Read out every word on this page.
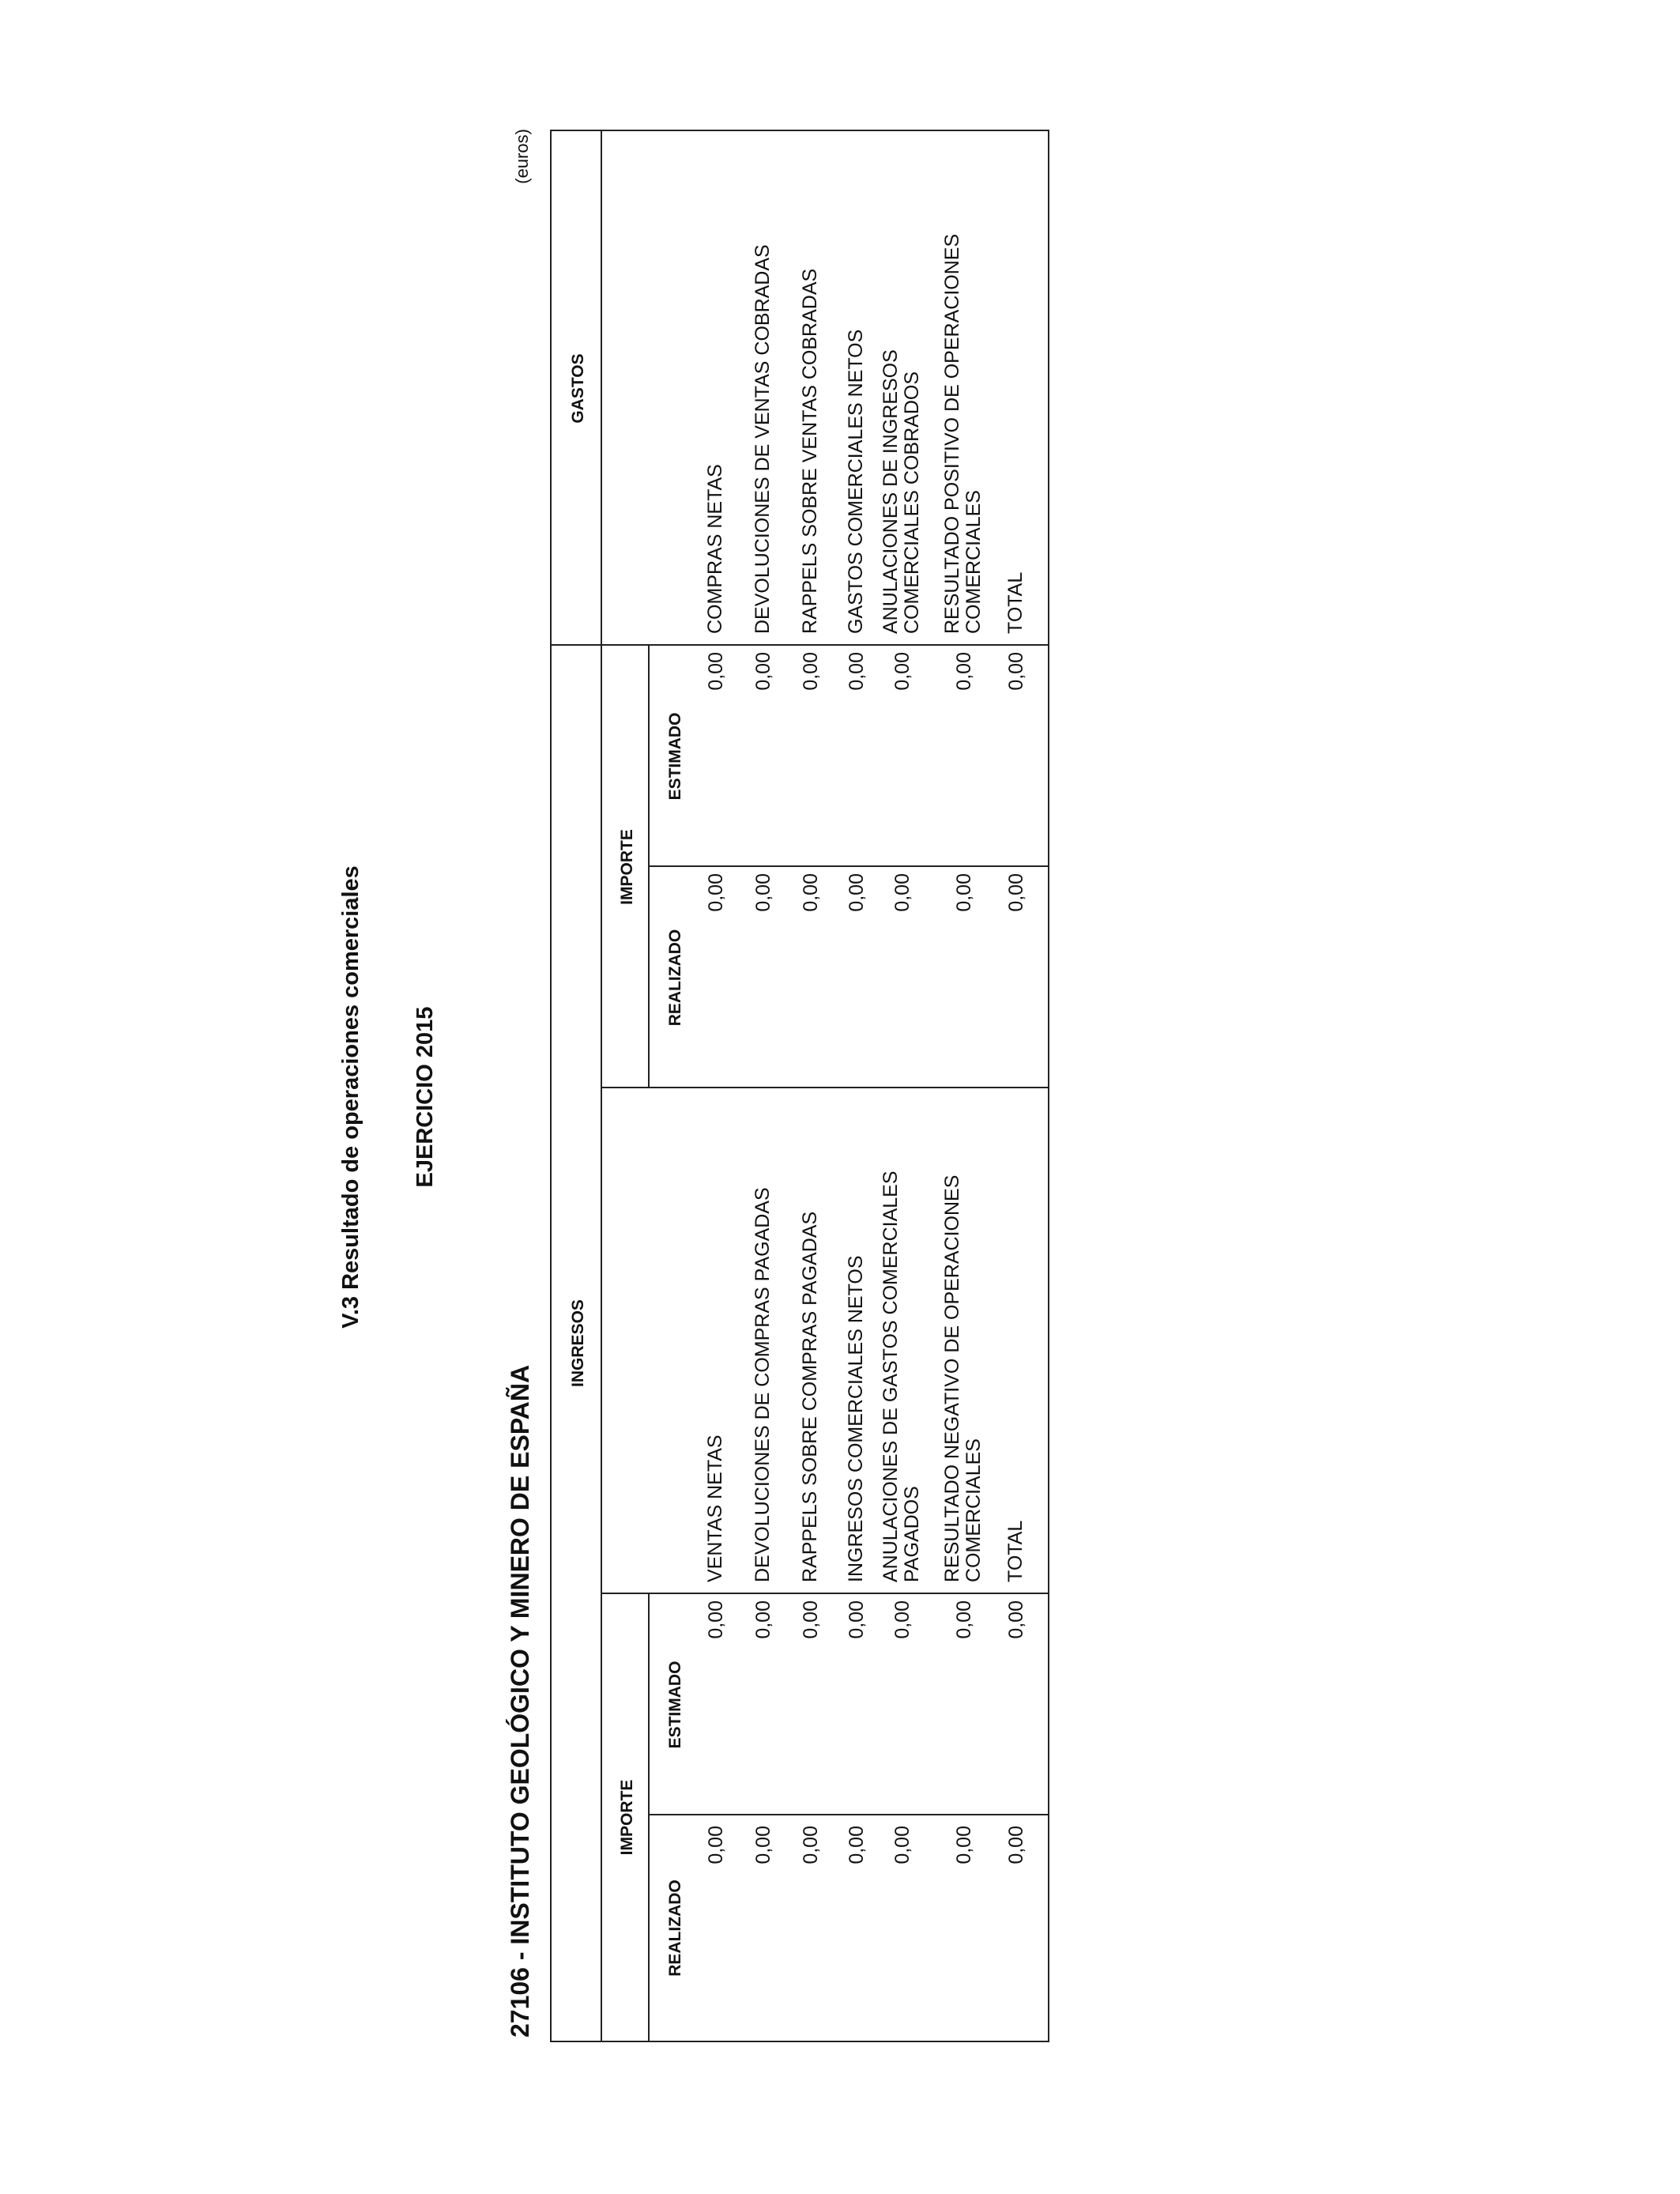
V.3 Resultado de operaciones comerciales EJERCICIO 2015
27106 - INSTITUTO GEOLÓGICO Y MINERO DE ESPAÑA
(euros)
GASTOS
IMPORTE
ESTIMADO
REALIZADO
IMPORTE
ESTIMADO
REALIZADO
COMPRAS NETAS
0,00
0,00
DEVOLUCIONES DE VENTAS COBRADAS
0,00
0,00
RAPPELS SOBRE VENTAS COBRADAS
0,00
0,00
GASTOS COMERCIALES NETOS
0,00
0,00
ANULACIONES DE INGRESOS
COMERCIALES COBRADOS
0,00
0,00
RESULTADO POSITIVO DE OPERACIONES
COMERCIALES
0,00
0,00
TOTAL
0,00
0,00
VENTAS NETAS
0,00
0,00
DEVOLUCIONES DE COMPRAS PAGADAS
0,00
0,00
RAPPELS SOBRE COMPRAS PAGADAS
0,00
0,00
INGRESOS COMERCIALES NETOS
0,00
0,00
ANULACIONES DE GASTOS COMERCIALES
PAGADOS
0,00
0,00
RESULTADO NEGATIVO DE OPERACIONES
COMERCIALES
0,00
0,00
TOTAL
0,00
0,00
INGRESOS
